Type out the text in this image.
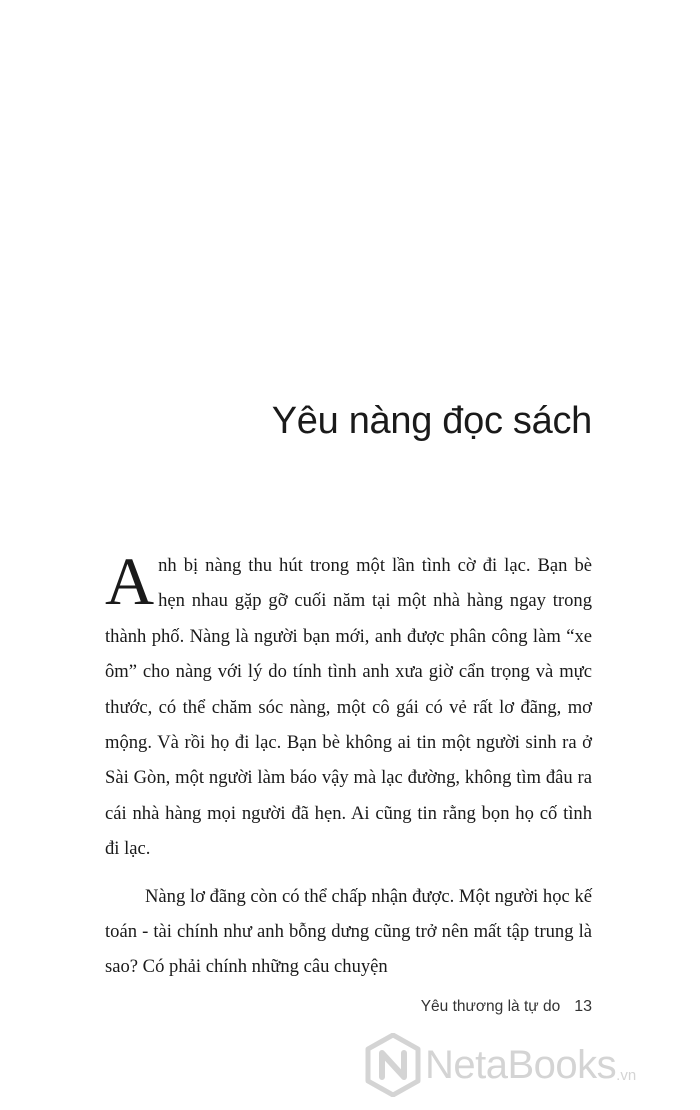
Yêu nàng đọc sách

Anh bị nàng thu hút trong một lần tình cờ đi lạc. Bạn bè hẹn nhau gặp gỡ cuối năm tại một nhà hàng ngay trong thành phố. Nàng là người bạn mới, anh được phân công làm “xe ôm” cho nàng với lý do tính tình anh xưa giờ cẩn trọng và mực thước, có thể chăm sóc nàng, một cô gái có vẻ rất lơ đãng, mơ mộng. Và rồi họ đi lạc. Bạn bè không ai tin một người sinh ra ở Sài Gòn, một người làm báo vậy mà lạc đường, không tìm đâu ra cái nhà hàng mọi người đã hẹn. Ai cũng tin rằng bọn họ cố tình đi lạc.

Nàng lơ đãng còn có thể chấp nhận được. Một người học kế toán - tài chính như anh bỗng dưng cũng trở nên mất tập trung là sao? Có phải chính những câu chuyện

Yêu thương là tự do 13
NetaBooks .vn
